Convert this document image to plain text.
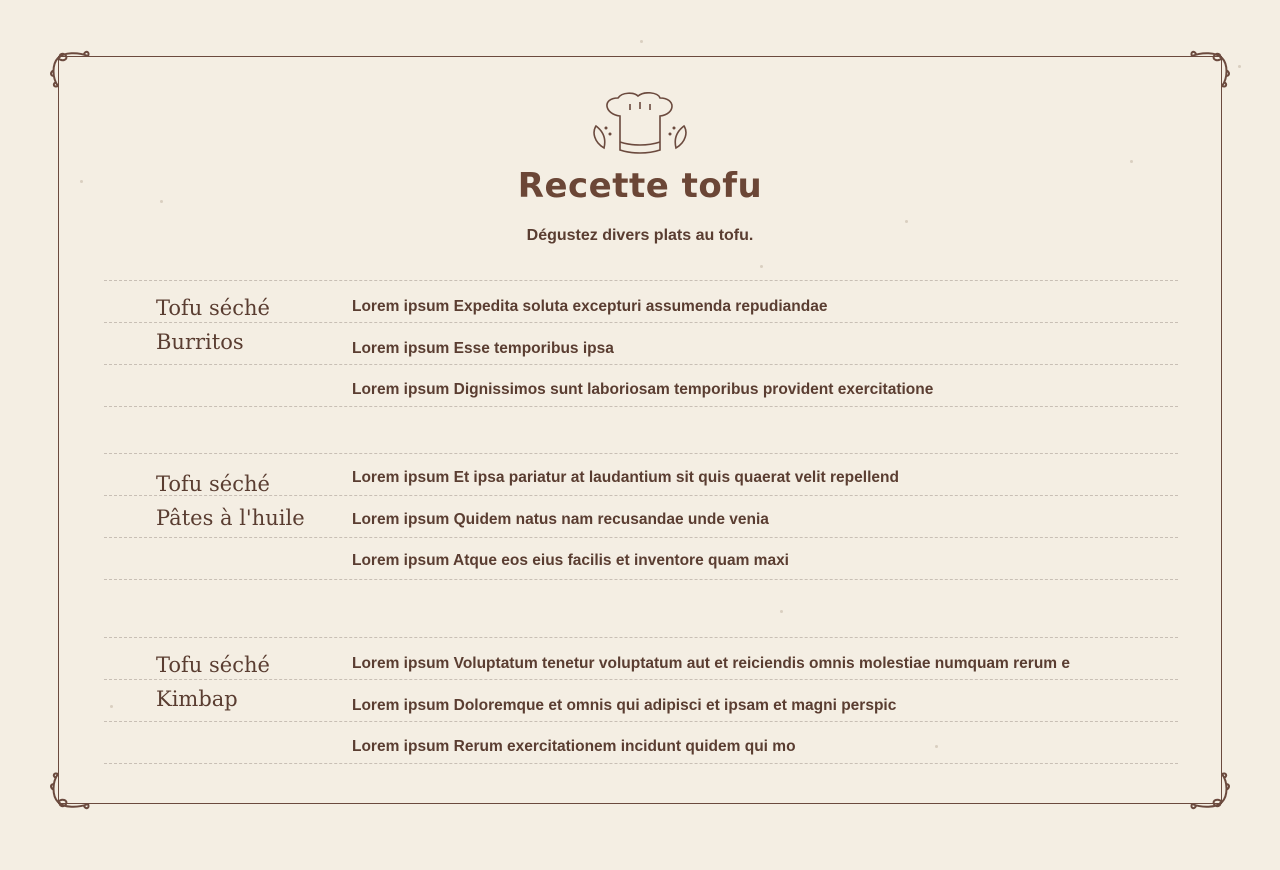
Recette tofu
Dégustez divers plats au tofu.
Tofu séché
Burritos
Lorem ipsum Expedita soluta excepturi assumenda repudiandae
Lorem ipsum Esse temporibus ipsa
Lorem ipsum Dignissimos sunt laboriosam temporibus provident exercitatione
Tofu séché
Pâtes à l'huile
Lorem ipsum Et ipsa pariatur at laudantium sit quis quaerat velit repellend
Lorem ipsum Quidem natus nam recusandae unde venia
Lorem ipsum Atque eos eius facilis et inventore quam maxi
Tofu séché
Kimbap
Lorem ipsum Voluptatum tenetur voluptatum aut et reiciendis omnis molestiae numquam rerum e
Lorem ipsum Doloremque et omnis qui adipisci et ipsam et magni perspic
Lorem ipsum Rerum exercitationem incidunt quidem qui mo
